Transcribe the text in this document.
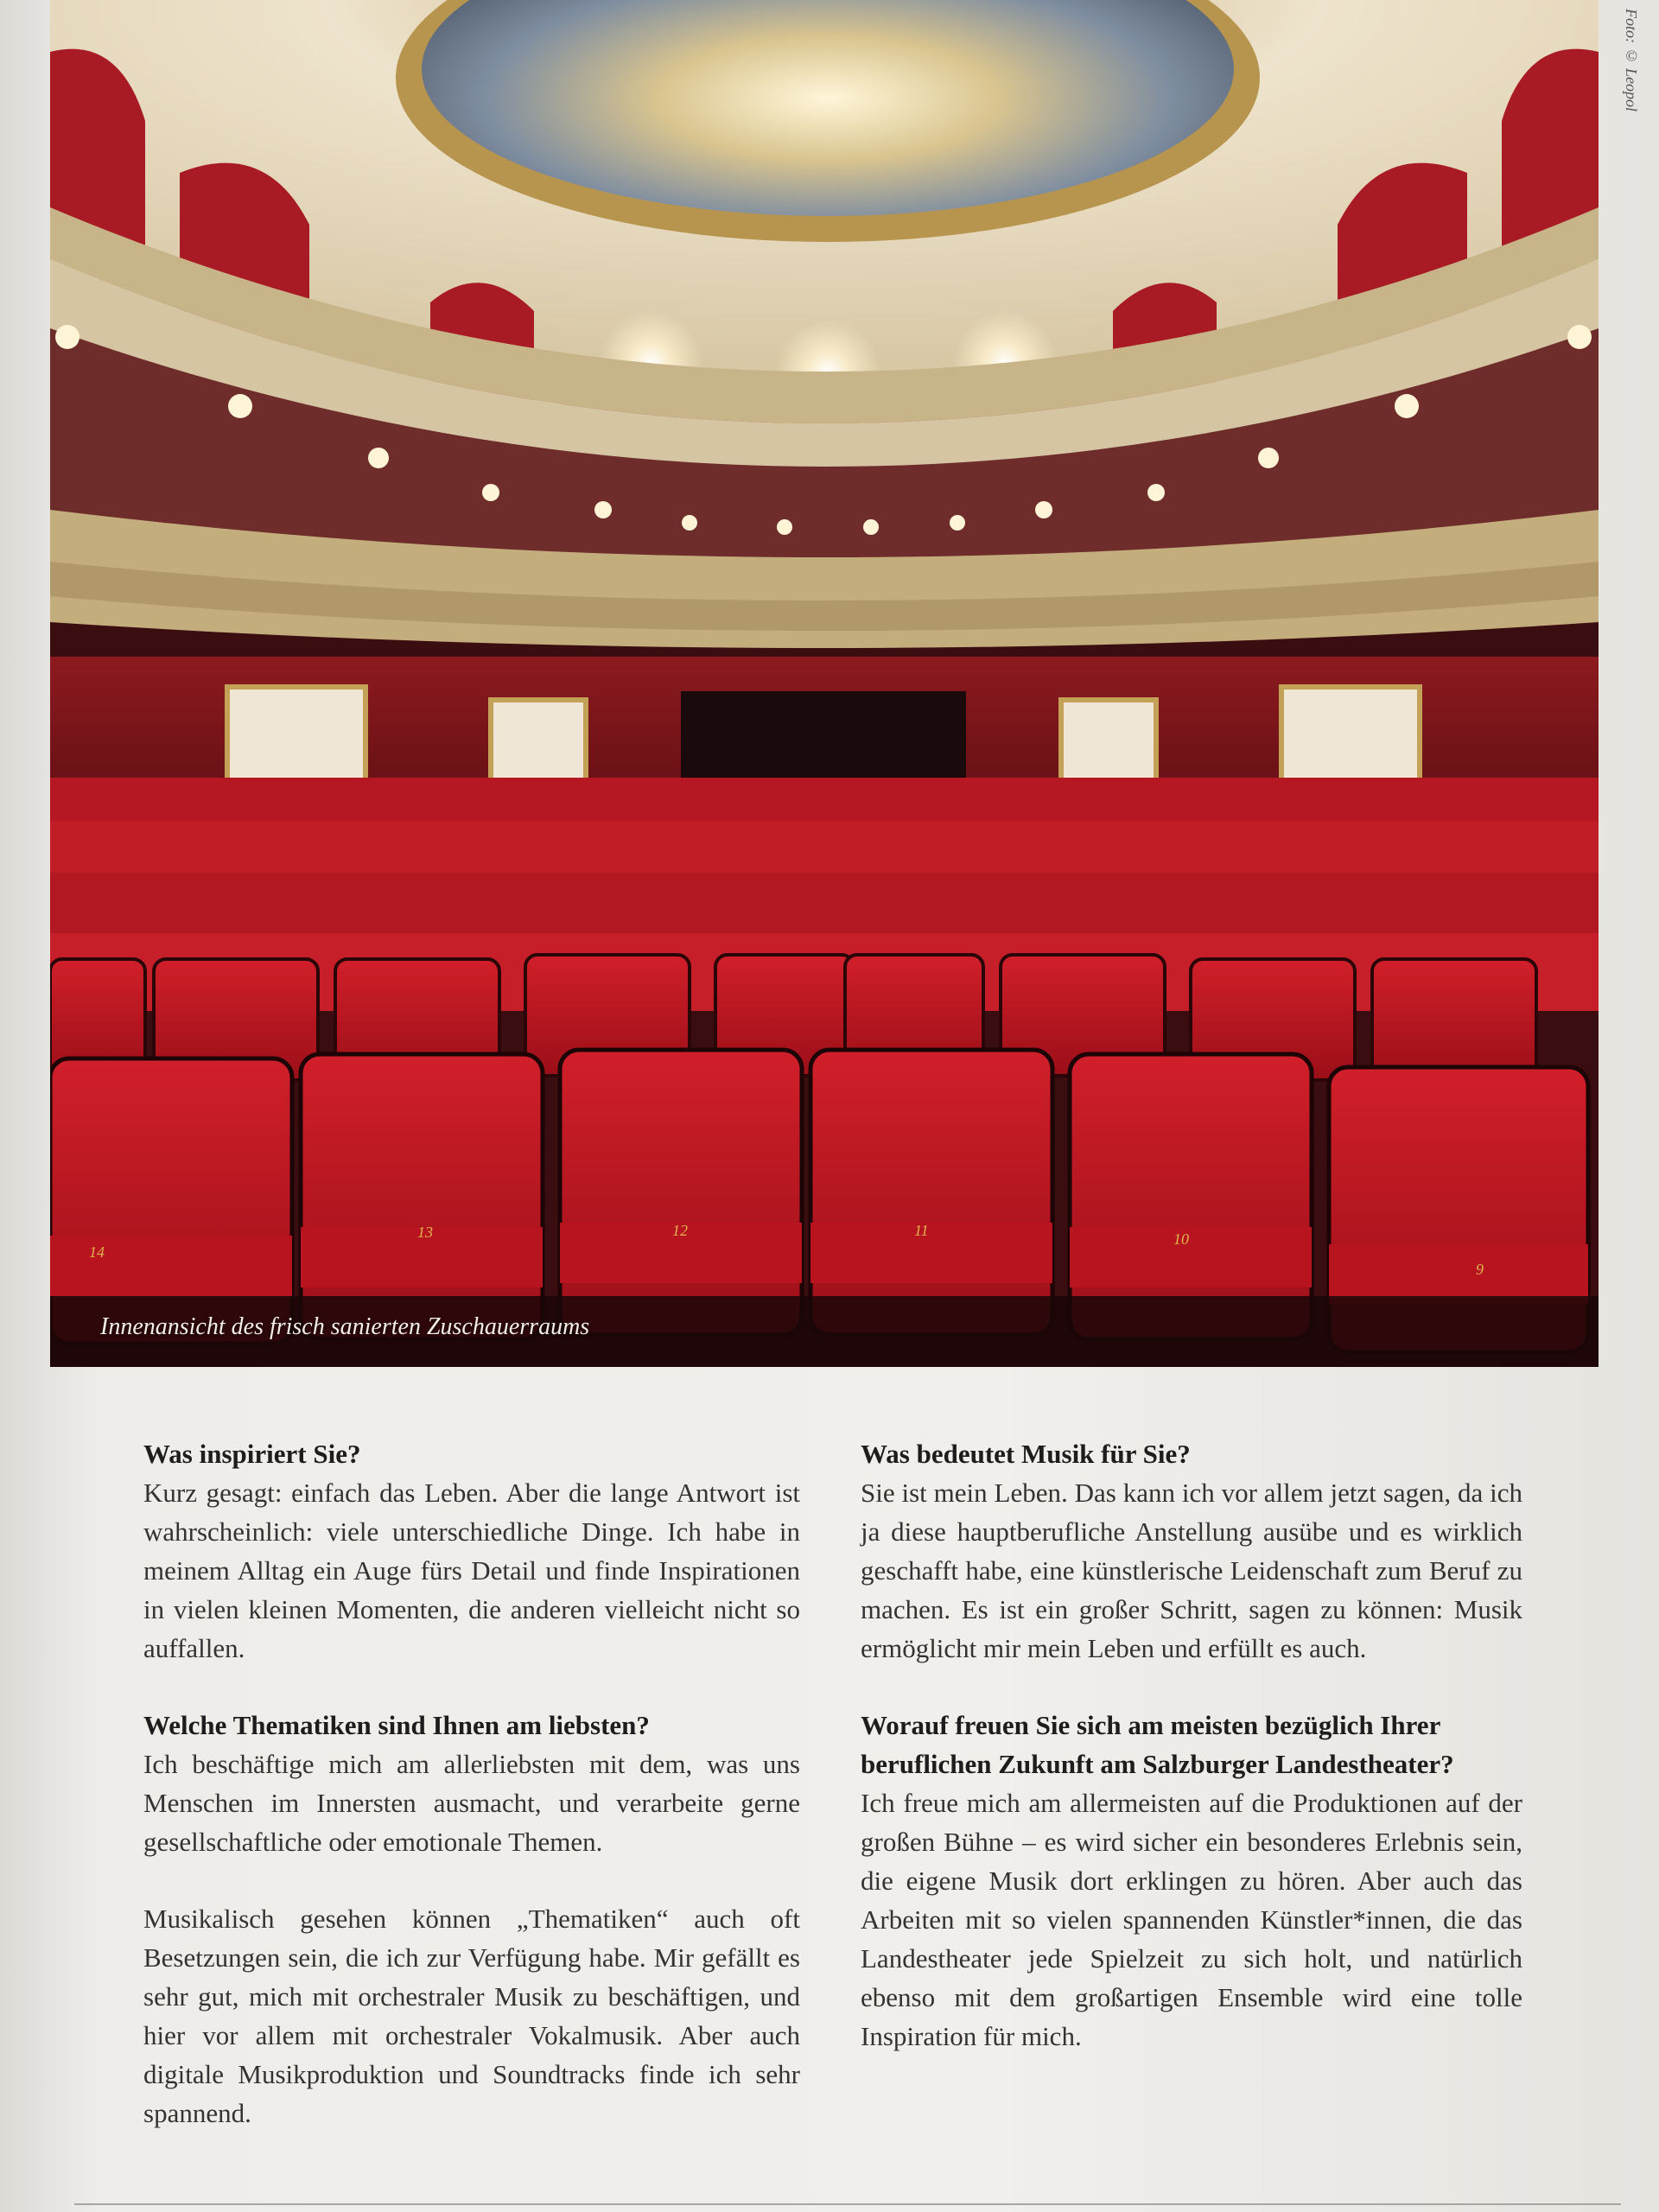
14
13	12	11	10
9
Innenansicht des frisch sanierten Zuschauerraums
Foto: © Leopol
Was inspiriert Sie?
Kurz gesagt: einfach das Leben. Aber die lange Antwort ist wahrscheinlich: viele unterschiedliche Dinge. Ich habe in meinem Alltag ein Auge fürs Detail und finde Inspirationen in vielen kleinen Momenten, die anderen vielleicht nicht so auffallen.
Welche Thematiken sind Ihnen am liebsten?
Ich beschäftige mich am allerliebsten mit dem, was uns Menschen im Innersten ausmacht, und verarbeite gerne gesellschaftliche oder emotionale Themen.
Musikalisch gesehen können „Thematiken“ auch oft Besetzungen sein, die ich zur Verfügung habe. Mir gefällt es sehr gut, mich mit orchestraler Musik zu beschäftigen, und hier vor allem mit orchestraler Vokalmusik. Aber auch digitale Musikproduktion und Soundtracks finde ich sehr spannend.
Was bedeutet Musik für Sie?
Sie ist mein Leben. Das kann ich vor allem jetzt sagen, da ich ja diese hauptberufliche Anstellung ausübe und es wirklich geschafft habe, eine künstlerische Leidenschaft zum Beruf zu machen. Es ist ein großer Schritt, sagen zu können: Musik ermöglicht mir mein Leben und erfüllt es auch.
Worauf freuen Sie sich am meisten bezüglich Ihrer beruflichen Zukunft am Salzburger Landestheater?
Ich freue mich am allermeisten auf die Produktionen auf der großen Bühne – es wird sicher ein besonderes Erlebnis sein, die eigene Musik dort erklingen zu hören. Aber auch das Arbeiten mit so vielen spannenden Künstler*innen, die das Landestheater jede Spielzeit zu sich holt, und natürlich ebenso mit dem großartigen Ensemble wird eine tolle Inspiration für mich.
